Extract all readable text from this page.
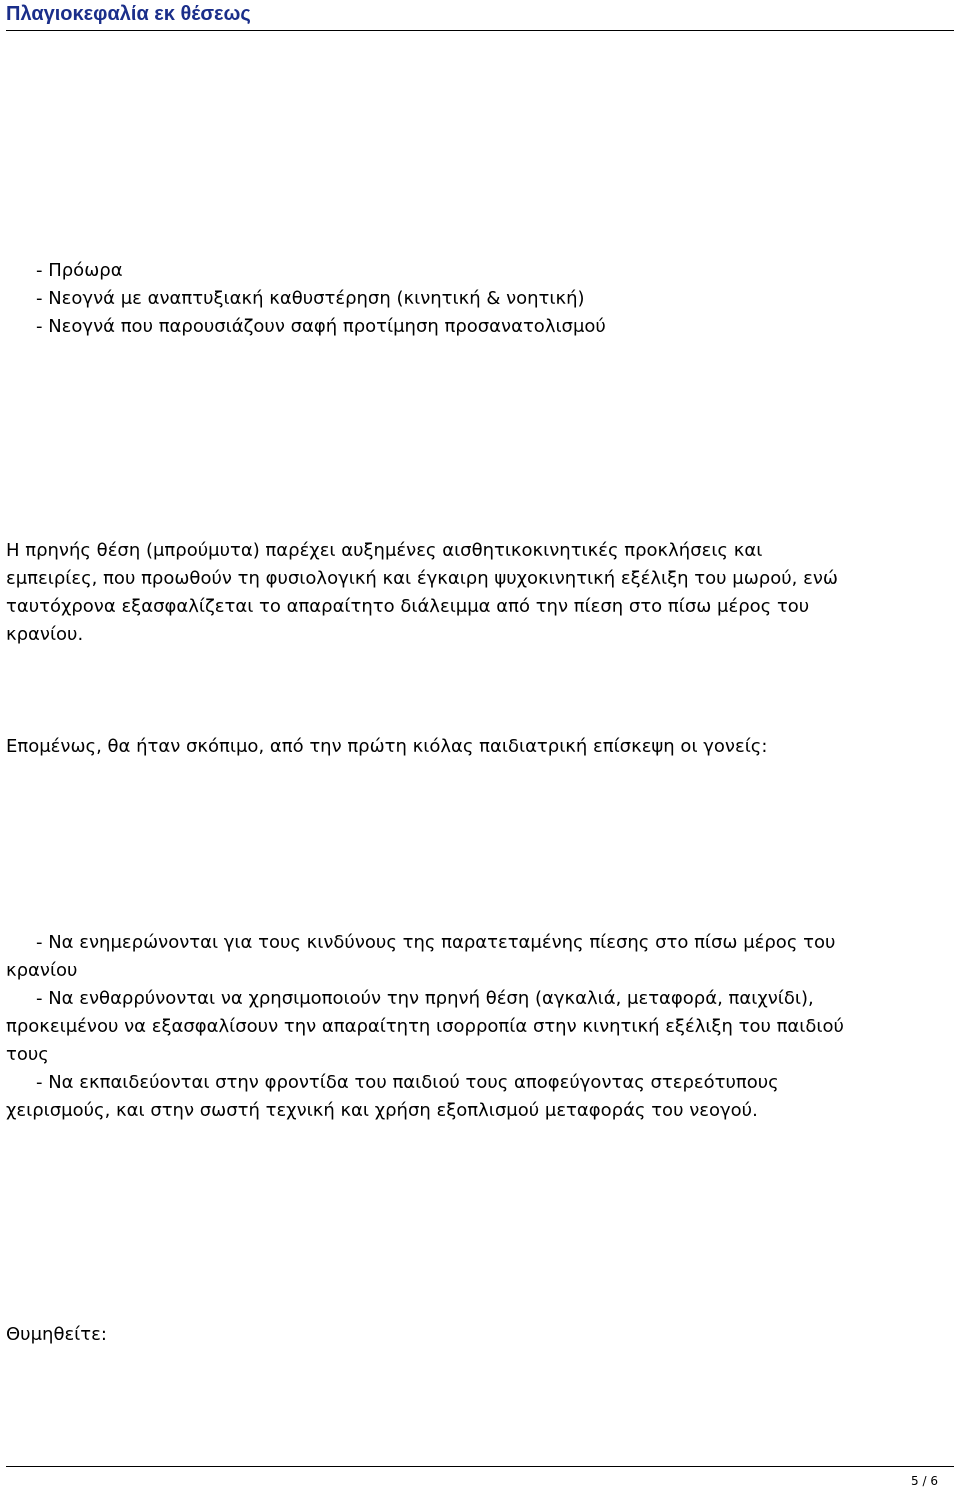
Πλαγιοκεφαλία εκ θέσεως
- Πρόωρα
- Νεογνά με αναπτυξιακή καθυστέρηση (κινητική & νοητική)
- Νεογνά που παρουσιάζουν σαφή προτίμηση προσανατολισμού
Η πρηνής θέση (μπρούμυτα) παρέχει αυξημένες αισθητικοκινητικές προκλήσεις και
εμπειρίες, που προωθούν τη φυσιολογική και έγκαιρη ψυχοκινητική εξέλιξη του μωρού, ενώ
ταυτόχρονα εξασφαλίζεται το απαραίτητο διάλειμμα από την πίεση στο πίσω μέρος του
κρανίου.
Επομένως, θα ήταν σκόπιμο, από την πρώτη κιόλας παιδιατρική επίσκεψη οι γονείς:
- Να ενημερώνονται για τους κινδύνους της παρατεταμένης πίεσης στο πίσω μέρος του
κρανίου
- Να ενθαρρύνονται να χρησιμοποιούν την πρηνή θέση (αγκαλιά, μεταφορά, παιχνίδι),
προκειμένου να εξασφαλίσουν την απαραίτητη ισορροπία στην κινητική εξέλιξη του παιδιού
τους
- Να εκπαιδεύονται στην φροντίδα του παιδιού τους αποφεύγοντας στερεότυπους
χειρισμούς, και στην σωστή τεχνική και χρήση εξοπλισμού μεταφοράς του νεογού.
Θυμηθείτε:
5 / 6
